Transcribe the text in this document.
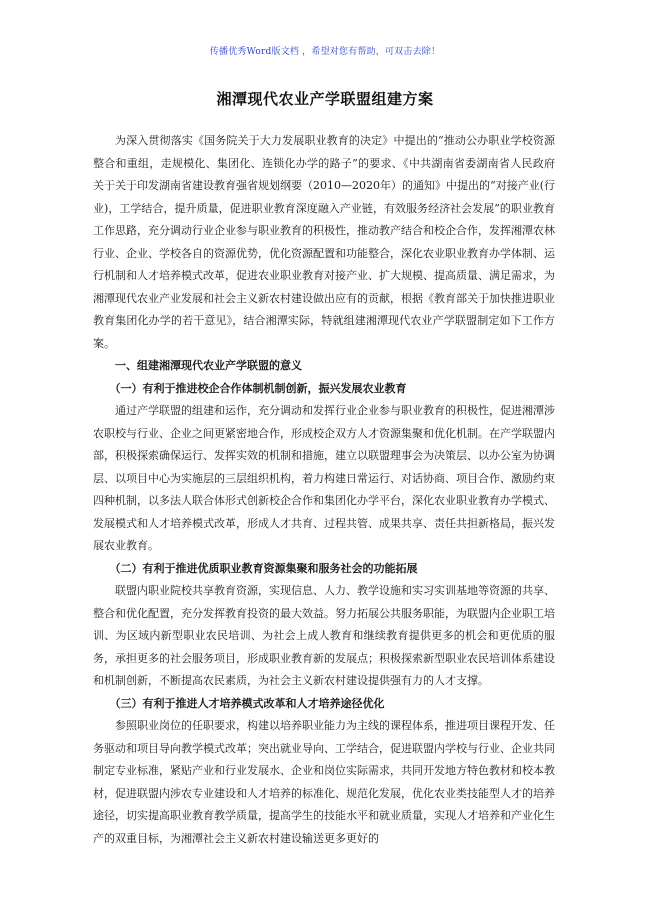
传播优秀Word版文档 ，希望对您有帮助，可双击去除！
湘潭现代农业产学联盟组建方案

为深入贯彻落实《国务院关于大力发展职业教育的决定》中提出的“推动公办职业学校资源整合和重组，走规模化、集团化、连锁化办学的路子”的要求、《中共湖南省委湖南省人民政府关于关于印发湖南省建设教育强省规划纲要（2010—2020年）的通知》中提出的“对接产业(行业)，工学结合，提升质量，促进职业教育深度融入产业链，有效服务经济社会发展”的职业教育工作思路，充分调动行业企业参与职业教育的积极性，推动教产结合和校企合作，发挥湘潭农林行业、企业、学校各自的资源优势，优化资源配置和功能整合，深化农业职业教育办学体制、运行机制和人才培养模式改革，促进农业职业教育对接产业、扩大规模、提高质量、满足需求，为湘潭现代农业产业发展和社会主义新农村建设做出应有的贡献，根据《教育部关于加快推进职业教育集团化办学的若干意见》，结合湘潭实际，特就组建湘潭现代农业产学联盟制定如下工作方案。

一、组建湘潭现代农业产学联盟的意义

（一）有利于推进校企合作体制机制创新，振兴发展农业教育

通过产学联盟的组建和运作，充分调动和发挥行业企业参与职业教育的积极性，促进湘潭涉农职校与行业、企业之间更紧密地合作，形成校企双方人才资源集聚和优化机制。在产学联盟内部，积极探索确保运行、发挥实效的机制和措施，建立以联盟理事会为决策层、以办公室为协调层、以项目中心为实施层的三层组织机构，着力构建日常运行、对话协商、项目合作、激励约束四种机制，以多法人联合体形式创新校企合作和集团化办学平台，深化农业职业教育办学模式、发展模式和人才培养模式改革，形成人才共育、过程共管、成果共享、责任共担新格局，振兴发展农业教育。

（二）有利于推进优质职业教育资源集聚和服务社会的功能拓展

联盟内职业院校共享教育资源，实现信息、人力、教学设施和实习实训基地等资源的共享、整合和优化配置，充分发挥教育投资的最大效益。努力拓展公共服务职能，为联盟内企业职工培训、为区域内新型职业农民培训、为社会上成人教育和继续教育提供更多的机会和更优质的服务，承担更多的社会服务项目，形成职业教育新的发展点；积极探索新型职业农民培训体系建设和机制创新，不断提高农民素质，为社会主义新农村建设提供强有力的人才支撑。

（三）有利于推进人才培养模式改革和人才培养途径优化

参照职业岗位的任职要求，构建以培养职业能力为主线的课程体系，推进项目课程开发、任务驱动和项目导向教学模式改革；突出就业导向、工学结合，促进联盟内学校与行业、企业共同制定专业标准，紧贴产业和行业发展水、企业和岗位实际需求，共同开发地方特色教材和校本教材，促进联盟内涉农专业建设和人才培养的标准化、规范化发展，优化农业类技能型人才的培养途径，切实提高职业教育教学质量，提高学生的技能水平和就业质量，实现人才培养和产业化生产的双重目标，为湘潭社会主义新农村建设输送更多更好的
